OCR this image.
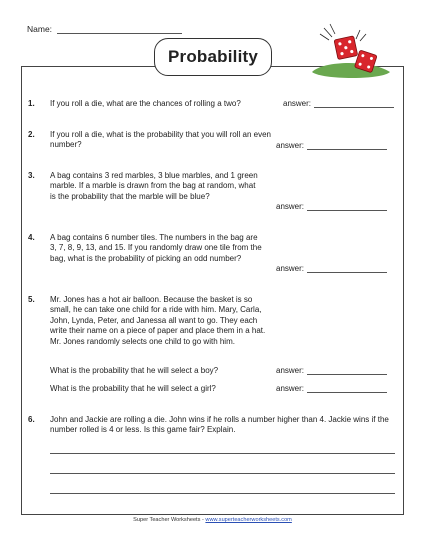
Name:
Probability
1. If you roll a die, what are the chances of rolling a two?	answer:
2. If you roll a die, what is the probability that you will roll an even number?	answer:
3. A bag contains 3 red marbles, 3 blue marbles, and 1 green marble. If a marble is drawn from the bag at random, what is the probability that the marble will be blue?
answer:
4. A bag contains 6 number tiles. The numbers in the bag are 3, 7, 8, 9, 13, and 15. If you randomly draw one tile from the bag, what is the probability of picking an odd number?
answer:
5. Mr. Jones has a hot air balloon. Because the basket is so small, he can take one child for a ride with him. Mary, Carla, John, Lynda, Peter, and Janessa all want to go. They each write their name on a piece of paper and place them in a hat. Mr. Jones randomly selects one child to go with him.
What is the probability that he will select a boy?	answer:
What is the probability that he will select a girl?	answer:
6. John and Jackie are rolling a die. John wins if he rolls a number higher than 4. Jackie wins if the number rolled is 4 or less. Is this game fair? Explain.
Super Teacher Worksheets - www.superteacherworksheets.com
